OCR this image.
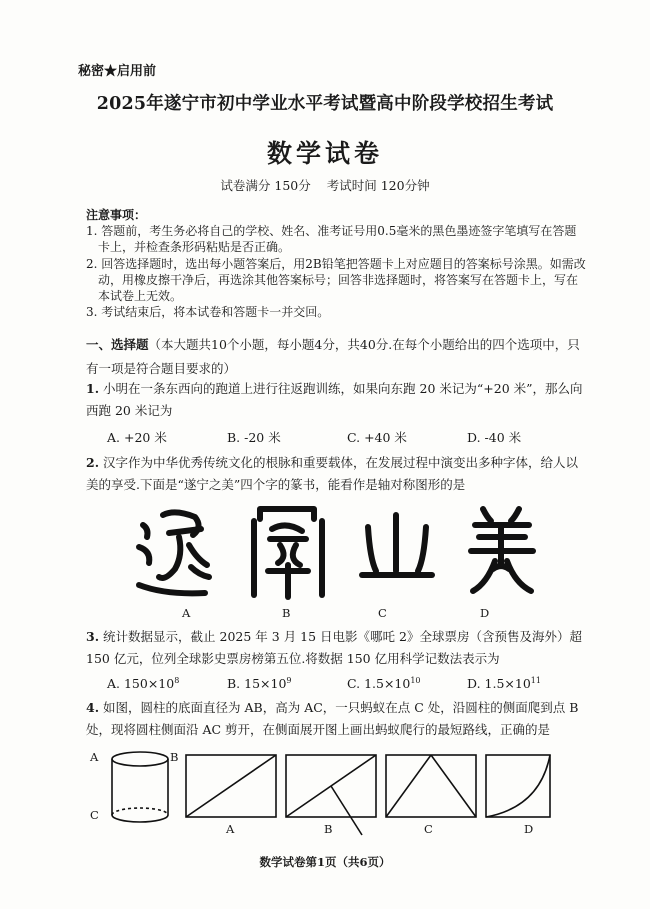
秘密★启用前
2025年遂宁市初中学业水平考试暨高中阶段学校招生考试
数学试卷
试卷满分 150分 考试时间 120分钟
注意事项：
1. 答题前，考生务必将自己的学校、姓名、准考证号用0.5毫米的黑色墨迹签字笔填写在答题卡上，并检查条形码粘贴是否正确。
2. 回答选择题时，选出每小题答案后，用2B铅笔把答题卡上对应题目的答案标号涂黑。如需改动，用橡皮擦干净后，再选涂其他答案标号；回答非选择题时，将答案写在答题卡上，写在本试卷上无效。
3. 考试结束后，将本试卷和答题卡一并交回。
一、选择题（本大题共10个小题，每小题4分，共40分.在每个小题给出的四个选项中，只有一项是符合题目要求的）
1. 小明在一条东西向的跑道上进行往返跑训练，如果向东跑 20 米记为“+20 米”，那么向西跑 20 米记为
A. +20 米	B. -20 米	C. +40 米	D. -40 米
2. 汉字作为中华优秀传统文化的根脉和重要载体，在发展过程中演变出多种字体，给人以美的享受.下面是“遂宁之美”四个字的篆书，能看作是轴对称图形的是
A	B	C	D
3. 统计数据显示，截止 2025 年 3 月 15 日电影《哪吒 2》全球票房（含预售及海外）超 150 亿元，位列全球影史票房榜第五位.将数据 150 亿用科学记数法表示为
A. $150\times 10^8$	B. $15\times 10^9$	C. $1.5\times 10^{10}$	D. $1.5\times 10^{11}$
4. 如图，圆柱的底面直径为 AB，高为 AC，一只蚂蚁在点 C 处，沿圆柱的侧面爬到点 B 处，现将圆柱侧面沿 AC 剪开，在侧面展开图上画出蚂蚁爬行的最短路线，正确的是
A	B
C
A	B	C	D
数学试卷第1页（共6页）
